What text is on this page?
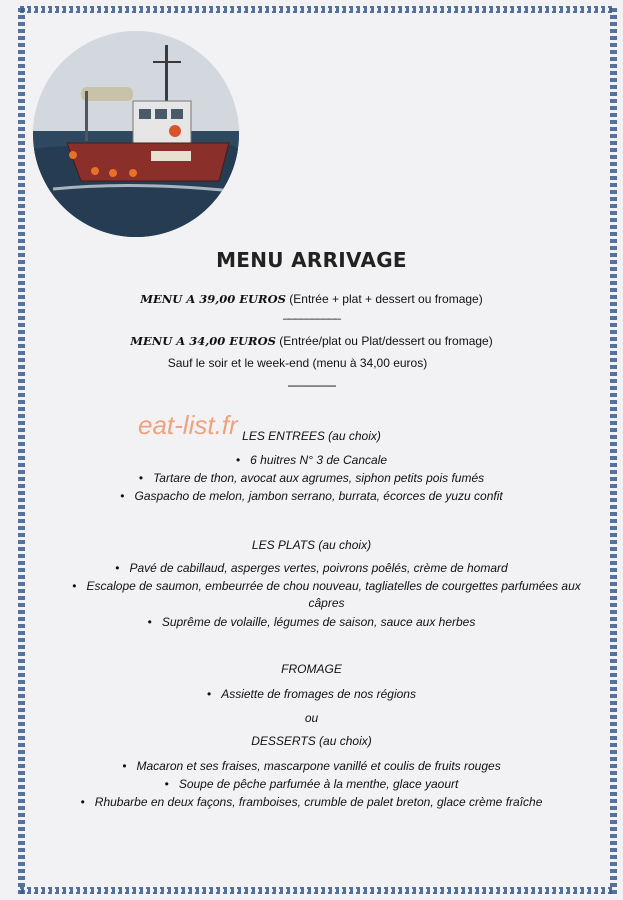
MENU ARRIVAGE
MENU A 39,00 EUROS (Entrée + plat + dessert ou fromage)
__________
MENU A 34,00 EUROS (Entrée/plat ou Plat/dessert ou fromage)
Sauf le soir et le week-end (menu à 34,00 euros)
----------------
eat-list.fr LES ENTREES (au choix)
• 6 huitres N° 3 de Cancale
• Tartare de thon, avocat aux agrumes, siphon petits pois fumés
• Gaspacho de melon, jambon serrano, burrata, écorces de yuzu confit
LES PLATS (au choix)
• Pavé de cabillaud, asperges vertes, poivrons poêlés, crème de homard
• Escalope de saumon, embeurrée de chou nouveau, tagliatelles de courgettes parfumées aux câpres
• Suprême de volaille, légumes de saison, sauce aux herbes
FROMAGE
• Assiette de fromages de nos régions
ou
DESSERTS (au choix)
• Macaron et ses fraises, mascarpone vanillé et coulis de fruits rouges
• Soupe de pêche parfumée à la menthe, glace yaourt
• Rhubarbe en deux façons, framboises, crumble de palet breton, glace crème fraîche
